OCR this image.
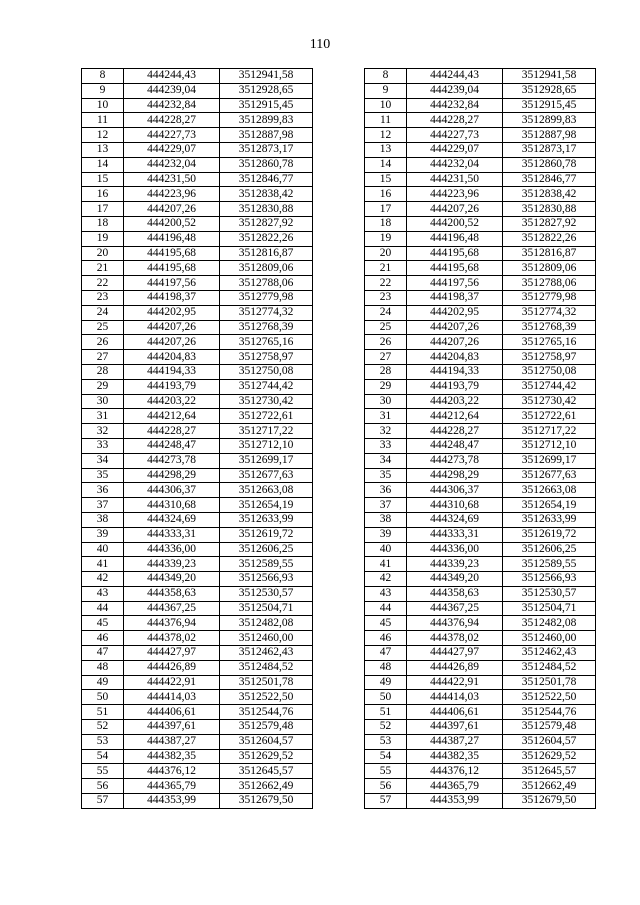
110
8	444244,43	3512941,58		8	444244,43	3512941,58
9	444239,04	3512928,65		9	444239,04	3512928,65
10	444232,84	3512915,45		10	444232,84	3512915,45
11	444228,27	3512899,83		11	444228,27	3512899,83
12	444227,73	3512887,98		12	444227,73	3512887,98
13	444229,07	3512873,17		13	444229,07	3512873,17
14	444232,04	3512860,78		14	444232,04	3512860,78
15	444231,50	3512846,77		15	444231,50	3512846,77
16	444223,96	3512838,42		16	444223,96	3512838,42
17	444207,26	3512830,88		17	444207,26	3512830,88
18	444200,52	3512827,92		18	444200,52	3512827,92
19	444196,48	3512822,26		19	444196,48	3512822,26
20	444195,68	3512816,87		20	444195,68	3512816,87
21	444195,68	3512809,06		21	444195,68	3512809,06
22	444197,56	3512788,06		22	444197,56	3512788,06
23	444198,37	3512779,98		23	444198,37	3512779,98
24	444202,95	3512774,32		24	444202,95	3512774,32
25	444207,26	3512768,39		25	444207,26	3512768,39
26	444207,26	3512765,16		26	444207,26	3512765,16
27	444204,83	3512758,97		27	444204,83	3512758,97
28	444194,33	3512750,08		28	444194,33	3512750,08
29	444193,79	3512744,42		29	444193,79	3512744,42
30	444203,22	3512730,42		30	444203,22	3512730,42
31	444212,64	3512722,61		31	444212,64	3512722,61
32	444228,27	3512717,22		32	444228,27	3512717,22
33	444248,47	3512712,10		33	444248,47	3512712,10
34	444273,78	3512699,17		34	444273,78	3512699,17
35	444298,29	3512677,63		35	444298,29	3512677,63
36	444306,37	3512663,08		36	444306,37	3512663,08
37	444310,68	3512654,19		37	444310,68	3512654,19
38	444324,69	3512633,99		38	444324,69	3512633,99
39	444333,31	3512619,72		39	444333,31	3512619,72
40	444336,00	3512606,25		40	444336,00	3512606,25
41	444339,23	3512589,55		41	444339,23	3512589,55
42	444349,20	3512566,93		42	444349,20	3512566,93
43	444358,63	3512530,57		43	444358,63	3512530,57
44	444367,25	3512504,71		44	444367,25	3512504,71
45	444376,94	3512482,08		45	444376,94	3512482,08
46	444378,02	3512460,00		46	444378,02	3512460,00
47	444427,97	3512462,43		47	444427,97	3512462,43
48	444426,89	3512484,52		48	444426,89	3512484,52
49	444422,91	3512501,78		49	444422,91	3512501,78
50	444414,03	3512522,50		50	444414,03	3512522,50
51	444406,61	3512544,76		51	444406,61	3512544,76
52	444397,61	3512579,48		52	444397,61	3512579,48
53	444387,27	3512604,57		53	444387,27	3512604,57
54	444382,35	3512629,52		54	444382,35	3512629,52
55	444376,12	3512645,57		55	444376,12	3512645,57
56	444365,79	3512662,49		56	444365,79	3512662,49
57	444353,99	3512679,50		57	444353,99	3512679,50
